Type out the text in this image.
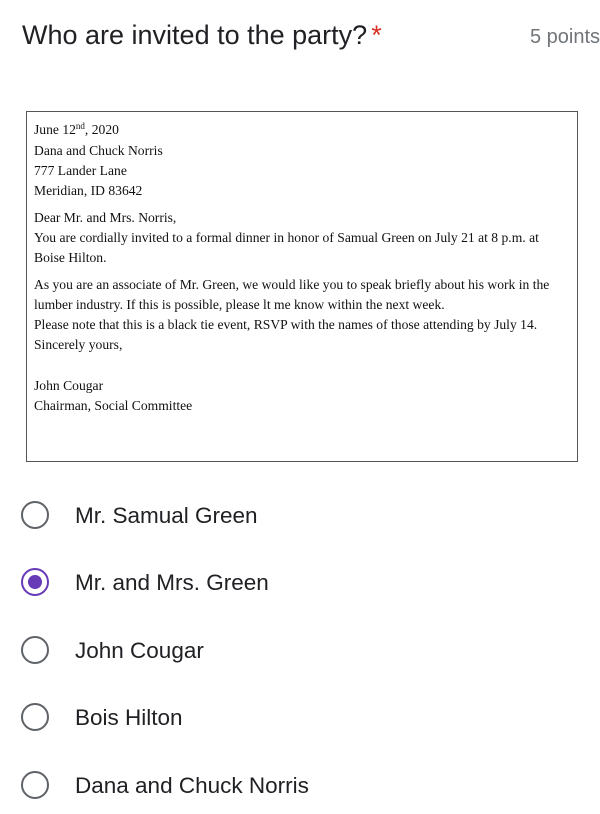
Who are invited to the party? *	5 points

June 12nd, 2020

Dana and Chuck Norris

777 Lander Lane

Meridian, ID 83642

Dear Mr. and Mrs. Norris,

You are cordially invited to a formal dinner in honor of Samual Green on July 21 at 8 p.m. at Boise Hilton.

As you are an associate of Mr. Green, we would like you to speak briefly about his work in the lumber industry. If this is possible, please lt me know within the next week.

Please note that this is a black tie event, RSVP with the names of those attending by July 14.

Sincerely yours,

John Cougar

Chairman, Social Committee

Mr. Samual Green
Mr. and Mrs. Green
John Cougar
Bois Hilton
Dana and Chuck Norris
